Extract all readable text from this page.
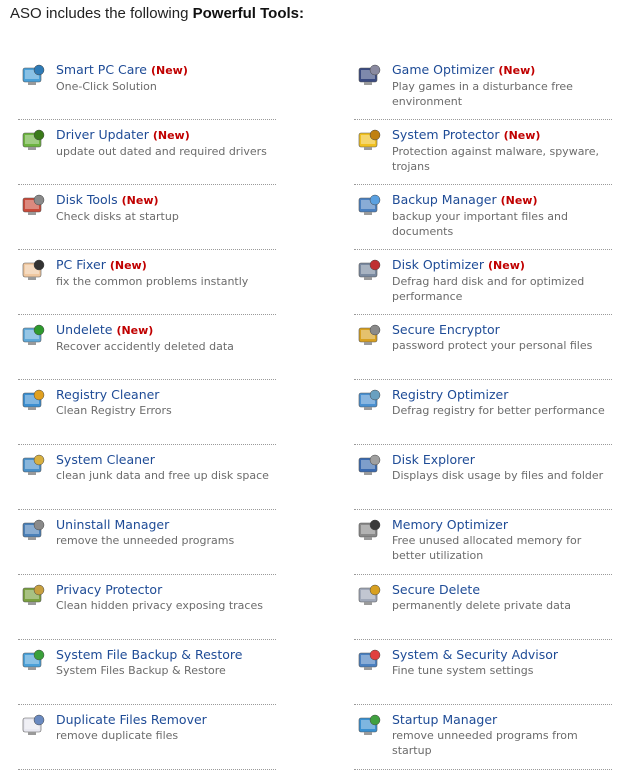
ASO includes the following Powerful Tools:
Smart PC Care (New)
One-Click Solution
Driver Updater (New)
update out dated and required drivers
Disk Tools (New)
Check disks at startup
PC Fixer (New)
fix the common problems instantly
Undelete (New)
Recover accidently deleted data
Registry Cleaner
Clean Registry Errors
System Cleaner
clean junk data and free up disk space
Uninstall Manager
remove the unneeded programs
Privacy Protector
Clean hidden privacy exposing traces
System File Backup & Restore
System Files Backup & Restore
Duplicate Files Remover
remove duplicate files
Game Optimizer (New)
Play games in a disturbance free environment
System Protector (New)
Protection against malware, spyware, trojans
Backup Manager (New)
backup your important files and documents
Disk Optimizer (New)
Defrag hard disk and for optimized performance
Secure Encryptor
password protect your personal files
Registry Optimizer
Defrag registry for better performance
Disk Explorer
Displays disk usage by files and folder
Memory Optimizer
Free unused allocated memory for better utilization
Secure Delete
permanently delete private data
System & Security Advisor
Fine tune system settings
Startup Manager
remove unneeded programs from startup
